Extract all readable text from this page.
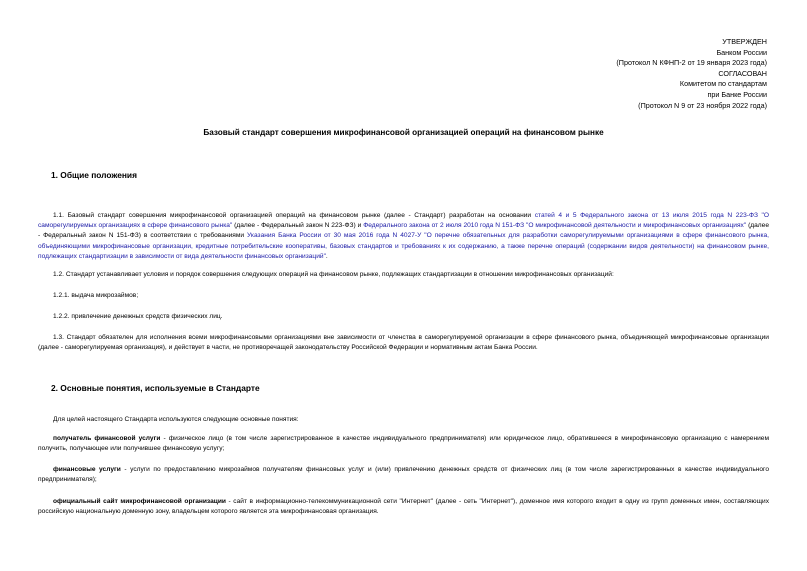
УТВЕРЖДЕН
Банком России
(Протокол N КФНП-2 от 19 января 2023 года)
СОГЛАСОВАН
Комитетом по стандартам
при Банке России
(Протокол N 9 от 23 ноября 2022 года)
Базовый стандарт совершения микрофинансовой организацией операций на финансовом рынке
1. Общие положения
1.1. Базовый стандарт совершения микрофинансовой организацией операций на финансовом рынке (далее - Стандарт) разработан на основании статей 4 и 5 Федерального закона от 13 июля 2015 года N 223-ФЗ "О саморегулируемых организациях в сфере финансового рынка" (далее - Федеральный закон N 223-ФЗ) и Федерального закона от 2 июля 2010 года N 151-ФЗ "О микрофинансовой деятельности и микрофинансовых организациях" (далее - Федеральный закон N 151-ФЗ) в соответствии с требованиями Указания Банка России от 30 мая 2016 года N 4027-У "О перечне обязательных для разработки саморегулируемыми организациями в сфере финансового рынка, объединяющими микрофинансовые организации, кредитные потребительские кооперативы, базовых стандартов и требованиях к их содержанию, а также перечне операций (содержании видов деятельности) на финансовом рынке, подлежащих стандартизации в зависимости от вида деятельности финансовых организаций".
1.2. Стандарт устанавливает условия и порядок совершения следующих операций на финансовом рынке, подлежащих стандартизации в отношении микрофинансовых организаций:
1.2.1. выдача микрозаймов;
1.2.2. привлечение денежных средств физических лиц.
1.3. Стандарт обязателен для исполнения всеми микрофинансовыми организациями вне зависимости от членства в саморегулируемой организации в сфере финансового рынка, объединяющей микрофинансовые организации (далее - саморегулируемая организация), и действует в части, не противоречащей законодательству Российской Федерации и нормативным актам Банка России.
2. Основные понятия, используемые в Стандарте
Для целей настоящего Стандарта используются следующие основные понятия:
получатель финансовой услуги - физическое лицо (в том числе зарегистрированное в качестве индивидуального предпринимателя) или юридическое лицо, обратившееся в микрофинансовую организацию с намерением получить, получающее или получившее финансовую услугу;
финансовые услуги - услуги по предоставлению микрозаймов получателям финансовых услуг и (или) привлечению денежных средств от физических лиц (в том числе зарегистрированных в качестве индивидуального предпринимателя);
официальный сайт микрофинансовой организации - сайт в информационно-телекоммуникационной сети "Интернет" (далее - сеть "Интернет"), доменное имя которого входит в одну из групп доменных имен, составляющих российскую национальную доменную зону, владельцем которого является эта микрофинансовая организация.
